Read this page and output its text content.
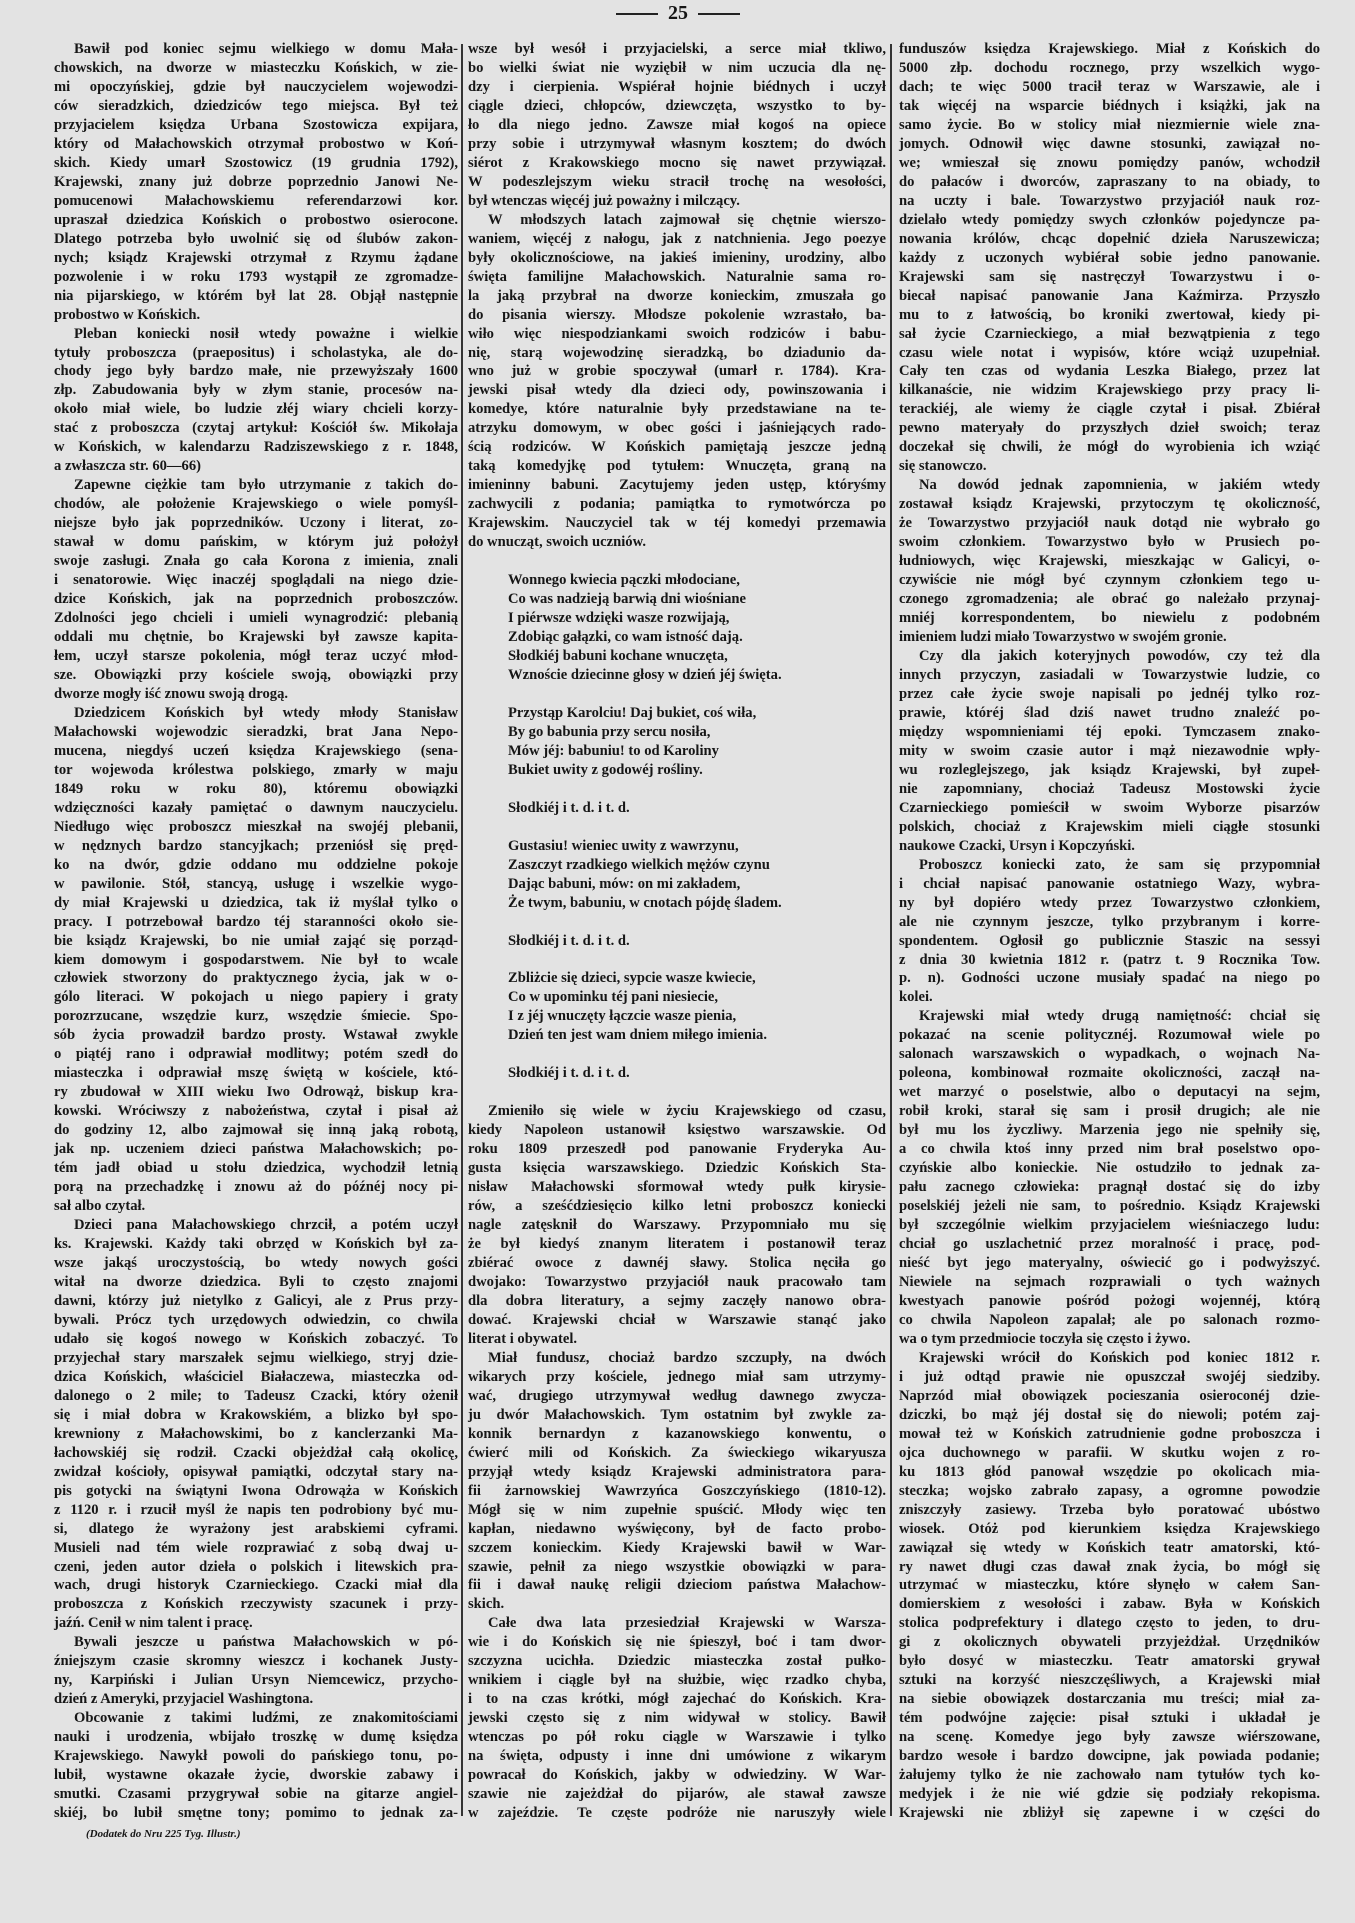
25
Bawił pod koniec sejmu wielkiego w domu Mała-
chowskich, na dworze w miasteczku Końskich, w zie-
mi opoczyńskiej, gdzie był nauczycielem wojewodzi-
ców sieradzkich, dziedziców tego miejsca. Był też
przyjacielem księdza Urbana Szostowicza expijara,
który od Małachowskich otrzymał probostwo w Koń-
skich. Kiedy umarł Szostowicz (19 grudnia 1792),
Krajewski, znany już dobrze poprzednio Janowi Ne-
pomucenowi Małachowskiemu referendarzowi kor.
upraszał dziedzica Końskich o probostwo osierocone.
Dlatego potrzeba było uwolnić się od ślubów zakon-
nych; ksiądz Krajewski otrzymał z Rzymu żądane
pozwolenie i w roku 1793 wystąpił ze zgromadze-
nia pijarskiego, w którém był lat 28. Objął następnie
probostwo w Końskich.
Pleban koniecki nosił wtedy poważne i wielkie
tytuły proboszcza (praepositus) i scholastyka, ale do-
chody jego były bardzo małe, nie przewyższały 1600
złp. Zabudowania były w złym stanie, procesów na-
około miał wiele, bo ludzie złéj wiary chcieli korzy-
stać z proboszcza (czytaj artykuł: Kościół św. Mikołaja
w Końskich, w kalendarzu Radziszewskiego z r. 1848,
a zwłaszcza str. 60—66)
Zapewne ciężkie tam było utrzymanie z takich do-
chodów, ale położenie Krajewskiego o wiele pomyśl-
niejsze było jak poprzedników. Uczony i literat, zo-
stawał w domu pańskim, w którym już położył
swoje zasługi. Znała go cała Korona z imienia, znali
i senatorowie. Więc inaczéj spoglądali na niego dzie-
dzice Końskich, jak na poprzednich proboszczów.
Zdolności jego chcieli i umieli wynagrodzić: plebanią
oddali mu chętnie, bo Krajewski był zawsze kapita-
łem, uczył starsze pokolenia, mógł teraz uczyć młod-
sze. Obowiązki przy kościele swoją, obowiązki przy
dworze mogły iść znowu swoją drogą.
Dziedzicem Końskich był wtedy młody Stanisław
Małachowski wojewodzic sieradzki, brat Jana Nepo-
mucena, niegdyś uczeń księdza Krajewskiego (sena-
tor wojewoda królestwa polskiego, zmarły w maju
1849 roku w roku 80), któremu obowiązki
wdzięczności kazały pamiętać o dawnym nauczycielu.
Niedługo więc proboszcz mieszkał na swojéj plebanii,
w nędznych bardzo stancyjkach; przeniósł się pręd-
ko na dwór, gdzie oddano mu oddzielne pokoje
w pawilonie. Stół, stancyą, usługę i wszelkie wygo-
dy miał Krajewski u dziedzica, tak iż myślał tylko o
pracy. I potrzebował bardzo téj staranności około sie-
bie ksiądz Krajewski, bo nie umiał zająć się porząd-
kiem domowym i gospodarstwem. Nie był to wcale
człowiek stworzony do praktycznego życia, jak w o-
gólo literaci. W pokojach u niego papiery i graty
porozrzucane, wszędzie kurz, wszędzie śmiecie. Spo-
sób życia prowadził bardzo prosty. Wstawał zwykle
o piątéj rano i odprawiał modlitwy; potém szedł do
miasteczka i odprawiał mszę świętą w kościele, któ-
ry zbudował w XIII wieku Iwo Odrowąż, biskup kra-
kowski. Wróciwszy z nabożeństwa, czytał i pisał aż
do godziny 12, albo zajmował się inną jaką robotą,
jak np. uczeniem dzieci państwa Małachowskich; po-
tém jadł obiad u stołu dziedzica, wychodził letnią
porą na przechadzkę i znowu aż do późnéj nocy pi-
sał albo czytał.
Dzieci pana Małachowskiego chrzcił, a potém uczył
ks. Krajewski. Każdy taki obrzęd w Końskich był za-
wsze jakąś uroczystością, bo wtedy nowych gości
witał na dworze dziedzica. Byli to często znajomi
dawni, którzy już nietylko z Galicyi, ale z Prus przy-
bywali. Prócz tych urzędowych odwiedzin, co chwila
udało się kogoś nowego w Końskich zobaczyć. To
przyjechał stary marszałek sejmu wielkiego, stryj dzie-
dzica Końskich, właściciel Białaczewa, miasteczka od-
dalonego o 2 mile; to Tadeusz Czacki, który ożenił
się i miał dobra w Krakowskiém, a blizko był spo-
krewniony z Małachowskimi, bo z kanclerzanki Ma-
łachowskiéj się rodził. Czacki objeżdżał całą okolicę,
zwidzał kościoły, opisywał pamiątki, odczytał stary na-
pis gotycki na świątyni Iwona Odrowąża w Końskich
z 1120 r. i rzucił myśl że napis ten podrobiony być mu-
si, dlatego że wyrażony jest arabskiemi cyframi.
Musieli nad tém wiele rozprawiać z sobą dwaj u-
czeni, jeden autor dzieła o polskich i litewskich pra-
wach, drugi historyk Czarnieckiego. Czacki miał dla
proboszcza z Końskich rzeczywisty szacunek i przy-
jaźń. Cenił w nim talent i pracę.
Bywali jeszcze u państwa Małachowskich w pó-
źniejszym czasie skromny wieszcz i kochanek Justy-
ny, Karpiński i Julian Ursyn Niemcewicz, przycho-
dzień z Ameryki, przyjaciel Washingtona.
Obcowanie z takimi ludźmi, ze znakomitościami
nauki i urodzenia, wbijało troszkę w dumę księdza
Krajewskiego. Nawykł powoli do pańskiego tonu, po-
lubił, wystawne okazałe życie, dworskie zabawy i
smutki. Czasami przygrywał sobie na gitarze angiel-
skiéj, bo lubił smętne tony; pomimo to jednak za-
wsze był wesół i przyjacielski, a serce miał tkliwo,
bo wielki świat nie wyziębił w nim uczucia dla nę-
dzy i cierpienia. Wspiérał hojnie biédnych i uczył
ciągle dzieci, chłopców, dziewczęta, wszystko to by-
ło dla niego jedno. Zawsze miał kogoś na opiece
przy sobie i utrzymywał własnym kosztem; do dwóch
siérot z Krakowskiego mocno się nawet przywiązał.
W podeszlejszym wieku stracił trochę na wesołości,
był wtenczas więcéj już poważny i milczący.
W młodszych latach zajmował się chętnie wierszo-
waniem, więcéj z nałogu, jak z natchnienia. Jego poezye
były okolicznościowe, na jakieś imieniny, urodziny, albo
święta familijne Małachowskich. Naturalnie sama ro-
la jaką przybrał na dworze konieckim, zmuszała go
do pisania wierszy. Młodsze pokolenie wzrastało, ba-
wiło więc niespodziankami swoich rodziców i babu-
nię, starą wojewodzinę sieradzką, bo dziadunio da-
wno już w grobie spoczywał (umarł r. 1784). Kra-
jewski pisał wtedy dla dzieci ody, powinszowania i
komedye, które naturalnie były przedstawiane na te-
atrzyku domowym, w obec gości i jaśniejących rado-
ścią rodziców. W Końskich pamiętają jeszcze jedną
taką komedyjkę pod tytułem: Wnuczęta, graną na
imieninny babuni. Zacytujemy jeden ustęp, któryśmy
zachwycili z podania; pamiątka to rymotwórcza po
Krajewskim. Nauczyciel tak w téj komedyi przemawia
do wnucząt, swoich uczniów.
Wonnego kwiecia pączki młodociane,
Co was nadzieją barwią dni wiośniane
I piérwsze wdzięki wasze rozwijają,
Zdobiąc gałązki, co wam istność dają.
Słodkiéj babuni kochane wnuczęta,
Wznoście dziecinne głosy w dzień jéj święta.
Przystąp Karolciu! Daj bukiet, coś wiła,
By go babunia przy sercu nosiła,
Mów jéj: babuniu! to od Karoliny
Bukiet uwity z godowéj rośliny.
Słodkiéj i t. d. i t. d.
Gustasiu! wieniec uwity z wawrzynu,
Zaszczyt rzadkiego wielkich mężów czynu
Dając babuni, mów: on mi zakładem,
Że twym, babuniu, w cnotach pójdę śladem.
Słodkiéj i t. d. i t. d.
Zbliżcie się dzieci, sypcie wasze kwiecie,
Co w upominku téj pani niesiecie,
I z jéj wnuczęty łączcie wasze pienia,
Dzień ten jest wam dniem miłego imienia.
Słodkiéj i t. d. i t. d.
Zmieniło się wiele w życiu Krajewskiego od czasu,
kiedy Napoleon ustanowił księstwo warszawskie. Od
roku 1809 przeszedł pod panowanie Fryderyka Au-
gusta księcia warszawskiego. Dziedzic Końskich Sta-
nisław Małachowski sformował wtedy pułk kirysie-
rów, a sześćdziesięcio kilko letni proboszcz koniecki
nagle zatęsknił do Warszawy. Przypomniało mu się
że był kiedyś znanym literatem i postanowił teraz
zbiérać owoce z dawnéj sławy. Stolica nęciła go
dwojako: Towarzystwo przyjaciół nauk pracowało tam
dla dobra literatury, a sejmy zaczęły nanowo obra-
dować. Krajewski chciał w Warszawie stanąć jako
literat i obywatel.
Miał fundusz, chociaż bardzo szczupły, na dwóch
wikarych przy kościele, jednego miał sam utrzymy-
wać, drugiego utrzymywał według dawnego zwycza-
ju dwór Małachowskich. Tym ostatnim był zwykle za-
konnik bernardyn z kazanowskiego konwentu, o
ćwierć mili od Końskich. Za świeckiego wikaryusza
przyjął wtedy ksiądz Krajewski administratora para-
fii żarnowskiej Wawrzyńca Goszczyńskiego (1810-12).
Mógł się w nim zupełnie spuścić. Młody więc ten
kapłan, niedawno wyświęcony, był de facto probo-
szczem konieckim. Kiedy Krajewski bawił w War-
szawie, pełnił za niego wszystkie obowiązki w para-
fii i dawał naukę religii dzieciom państwa Małachow-
skich.
Całe dwa lata przesiedział Krajewski w Warsza-
wie i do Końskich się nie śpieszył, boć i tam dwor-
szczyzna ucichła. Dziedzic miasteczka został pułko-
wnikiem i ciągle był na służbie, więc rzadko chyba,
i to na czas krótki, mógł zajechać do Końskich. Kra-
jewski często się z nim widywał w stolicy. Bawił
wtenczas po pół roku ciągle w Warszawie i tylko
na święta, odpusty i inne dni umówione z wikarym
powracał do Końskich, jakby w odwiedziny. W War-
szawie nie zajeżdżał do pijarów, ale stawał zawsze
w zajeździe. Te częste podróże nie naruszyły wiele
funduszów księdza Krajewskiego. Miał z Końskich do
5000 złp. dochodu rocznego, przy wszelkich wygo-
dach; te więc 5000 tracił teraz w Warszawie, ale i
tak więcéj na wsparcie biédnych i książki, jak na
samo życie. Bo w stolicy miał niezmiernie wiele zna-
jomych. Odnowił więc dawne stosunki, zawiązał no-
we; wmieszał się znowu pomiędzy panów, wchodził
do pałaców i dworców, zapraszany to na obiady, to
na uczty i bale. Towarzystwo przyjaciół nauk roz-
dzielało wtedy pomiędzy swych członków pojedyncze pa-
nowania królów, chcąc dopełnić dzieła Naruszewicza;
każdy z uczonych wybiérał sobie jedno panowanie.
Krajewski sam się nastręczył Towarzystwu i o-
biecał napisać panowanie Jana Kaźmirza. Przyszło
mu to z łatwością, bo kroniki zwertował, kiedy pi-
sał życie Czarnieckiego, a miał bezwątpienia z tego
czasu wiele notat i wypisów, które wciąż uzupełniał.
Cały ten czas od wydania Leszka Białego, przez lat
kilkanaście, nie widzim Krajewskiego przy pracy li-
terackiéj, ale wiemy że ciągle czytał i pisał. Zbiérał
pewno materyały do przyszłych dzieł swoich; teraz
doczekał się chwili, że mógł do wyrobienia ich wziąć
się stanowczo.
Na dowód jednak zapomnienia, w jakiém wtedy
zostawał ksiądz Krajewski, przytoczym tę okoliczność,
że Towarzystwo przyjaciół nauk dotąd nie wybrało go
swoim członkiem. Towarzystwo było w Prusiech po-
łudniowych, więc Krajewski, mieszkając w Galicyi, o-
czywiście nie mógł być czynnym członkiem tego u-
czonego zgromadzenia; ale obrać go należało przynaj-
mniéj korrespondentem, bo niewielu z podobném
imieniem ludzi miało Towarzystwo w swojém gronie.
Czy dla jakich koteryjnych powodów, czy też dla
innych przyczyn, zasiadali w Towarzystwie ludzie, co
przez całe życie swoje napisali po jednéj tylko roz-
prawie, któréj ślad dziś nawet trudno znaleźć po-
między wspomnieniami téj epoki. Tymczasem znako-
mity w swoim czasie autor i mąż niezawodnie wpły-
wu rozleglejszego, jak ksiądz Krajewski, był zupeł-
nie zapomniany, chociaż Tadeusz Mostowski życie
Czarnieckiego pomieścił w swoim Wyborze pisarzów
polskich, chociaż z Krajewskim mieli ciągłe stosunki
naukowe Czacki, Ursyn i Kopczyński.
Proboszcz koniecki zato, że sam się przypomniał
i chciał napisać panowanie ostatniego Wazy, wybra-
ny był dopiéro wtedy przez Towarzystwo członkiem,
ale nie czynnym jeszcze, tylko przybranym i korre-
spondentem. Ogłosił go publicznie Staszic na sessyi
z dnia 30 kwietnia 1812 r. (patrz t. 9 Rocznika Tow.
p. n). Godności uczone musiały spadać na niego po
kolei.
Krajewski miał wtedy drugą namiętność: chciał się
pokazać na scenie politycznéj. Rozumował wiele po
salonach warszawskich o wypadkach, o wojnach Na-
poleona, kombinował rozmaite okoliczności, zaczął na-
wet marzyć o poselstwie, albo o deputacyi na sejm,
robił kroki, starał się sam i prosił drugich; ale nie
był mu los życzliwy. Marzenia jego nie spełniły się,
a co chwila ktoś inny przed nim brał poselstwo opo-
czyńskie albo konieckie. Nie ostudziło to jednak za-
pału zacnego człowieka: pragnął dostać się do izby
poselskiéj jeżeli nie sam, to pośrednio. Ksiądz Krajewski
był szczególnie wielkim przyjacielem wieśniaczego ludu:
chciał go uszlachetnić przez moralność i pracę, pod-
nieść byt jego materyalny, oświecić go i podwyższyć.
Niewiele na sejmach rozprawiali o tych ważnych
kwestyach panowie pośród pożogi wojennéj, którą
co chwila Napoleon zapalał; ale po salonach rozmo-
wa o tym przedmiocie toczyła się często i żywo.
Krajewski wrócił do Końskich pod koniec 1812 r.
i już odtąd prawie nie opuszczał swojéj siedziby.
Naprzód miał obowiązek pocieszania osieroconéj dzie-
dziczki, bo mąż jéj dostał się do niewoli; potém zaj-
mował też w Końskich zatrudnienie godne proboszcza i
ojca duchownego w parafii. W skutku wojen z ro-
ku 1813 głód panował wszędzie po okolicach mia-
steczka; wojsko zabrało zapasy, a ogromne powodzie
zniszczyły zasiewy. Trzeba było poratować ubóstwo
wiosek. Otóż pod kierunkiem księdza Krajewskiego
zawiązał się wtedy w Końskich teatr amatorski, któ-
ry nawet długi czas dawał znak życia, bo mógł się
utrzymać w miasteczku, które słynęło w całem San-
domierskiem z wesołości i zabaw. Była w Końskich
stolica podprefektury i dlatego często to jeden, to dru-
gi z okolicznych obywateli przyjeżdżał. Urzędników
było dosyć w miasteczku. Teatr amatorski grywał
sztuki na korzyść nieszczęśliwych, a Krajewski miał
na siebie obowiązek dostarczania mu treści; miał za-
tém podwójne zajęcie: pisał sztuki i układał je
na scenę. Komedye jego były zawsze wiérszowane,
bardzo wesołe i bardzo dowcipne, jak powiada podanie;
żałujemy tylko że nie zachowało nam tytułów tych ko-
medyjek i że nie wié gdzie się podziały rekopisma.
Krajewski nie zbliżył się zapewne i w części do
(Dodatek do Nru 225 Tyg. Illustr.)
